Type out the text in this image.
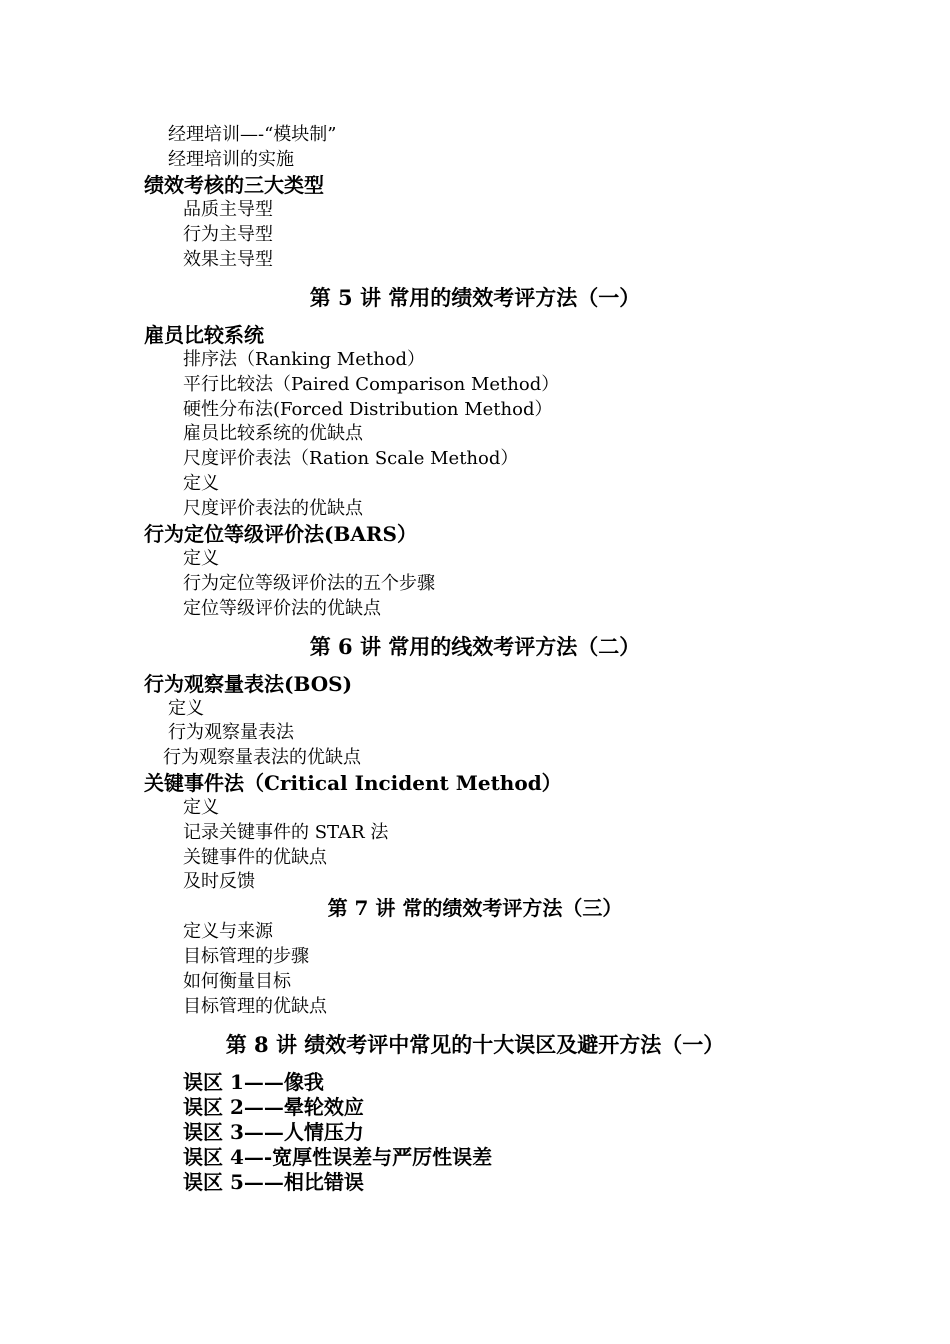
经理培训—-“模块制”
经理培训的实施
绩效考核的三大类型
品质主导型
行为主导型
效果主导型
第 5 讲 常用的绩效考评方法（一）
雇员比较系统
排序法（Ranking Method）
平行比较法（Paired Comparison Method）
硬性分布法(Forced Distribution Method）
雇员比较系统的优缺点
尺度评价表法（Ration Scale Method）
定义
尺度评价表法的优缺点
行为定位等级评价法(BARS）
定义
行为定位等级评价法的五个步骤
定位等级评价法的优缺点
第 6 讲 常用的线效考评方法（二）
行为观察量表法(BOS)
定义
行为观察量表法
行为观察量表法的优缺点
关键事件法（Critical Incident Method）
定义
记录关键事件的 STAR 法
关键事件的优缺点
及时反馈
第 7 讲 常的绩效考评方法（三）
定义与来源
目标管理的步骤
如何衡量目标
目标管理的优缺点
第 8 讲 绩效考评中常见的十大误区及避开方法（一）
误区 1——像我
误区 2——晕轮效应
误区 3——人情压力
误区 4—-宽厚性误差与严厉性误差
误区 5——相比错误
